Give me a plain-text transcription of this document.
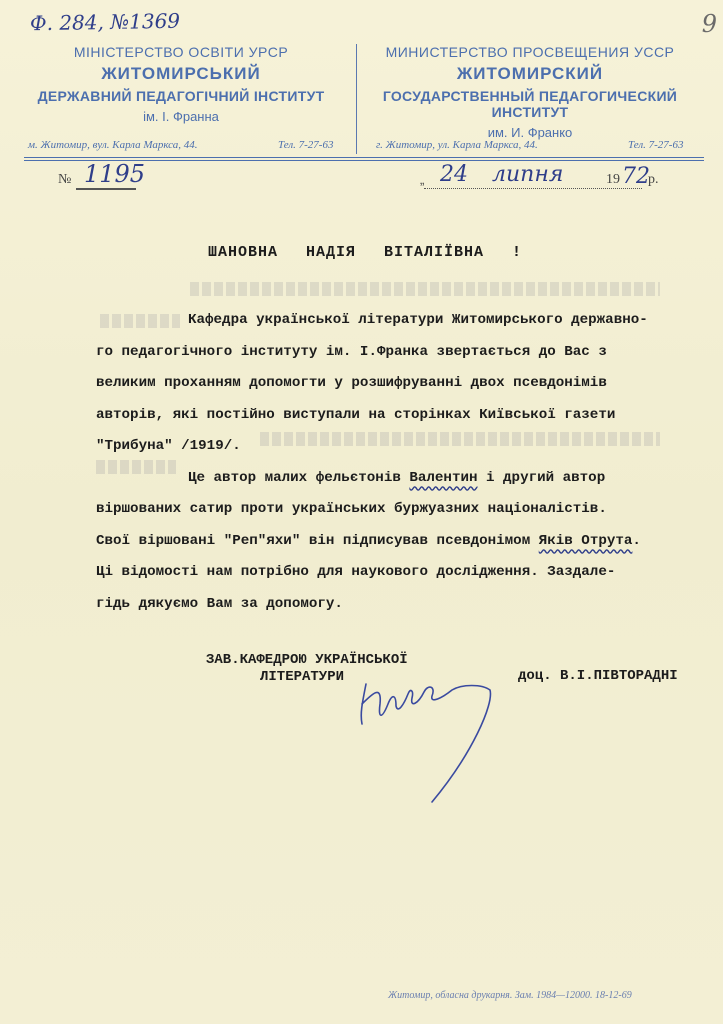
Ф. 284, №1369	9
МІНІСТЕРСТВО ОСВІТИ УРСР
ЖИТОМИРСЬКИЙ
ДЕРЖАВНИЙ ПЕДАГОГІЧНИЙ ІНСТИТУТ
ім. І. Франна
МИНИСТЕРСТВО ПРОСВЕЩЕНИЯ УССР
ЖИТОМИРСКИЙ
ГОСУДАРСТВЕННЫЙ ПЕДАГОГИЧЕСКИЙ ИНСТИТУТ
им. И. Франко
м. Житомир, вул. Карла Маркса, 44.	Тел. 7-27-63	г. Житомир, ул. Карла Маркса, 44.	Тел. 7-27-63
№ 1195	„ 24 липня	19 72
р.
ШАНОВНА НАДІЯ ВІТАЛІЇВНА !

Кафедра української літератури Житомирського державно-

го педагогічного інституту ім. І.Франка звертається до Вас з

великим проханням допомогти у розшифруванні двох псевдонімів

авторів, які постійно виступали на сторінках Київської газети

"Трибуна" /1919/.

Це автор малих фельєтонів Валентин і другий автор

віршованих сатир проти українських буржуазних націоналістів.

Свої віршовані "Реп"яхи" він підписував псевдонімом Яків Отрута.

Ці відомості нам потрібно для наукового дослідження. Заздале-

гідь дякуємо Вам за допомогу.

ЗАВ.КАФЕДРОЮ УКРАЇНСЬКОЇ
ЛІТЕРАТУРИ	доц. В.І.ПІВТОРАДНІ
Житомир, обласна друкарня. Зам. 1984—12000. 18-12-69
